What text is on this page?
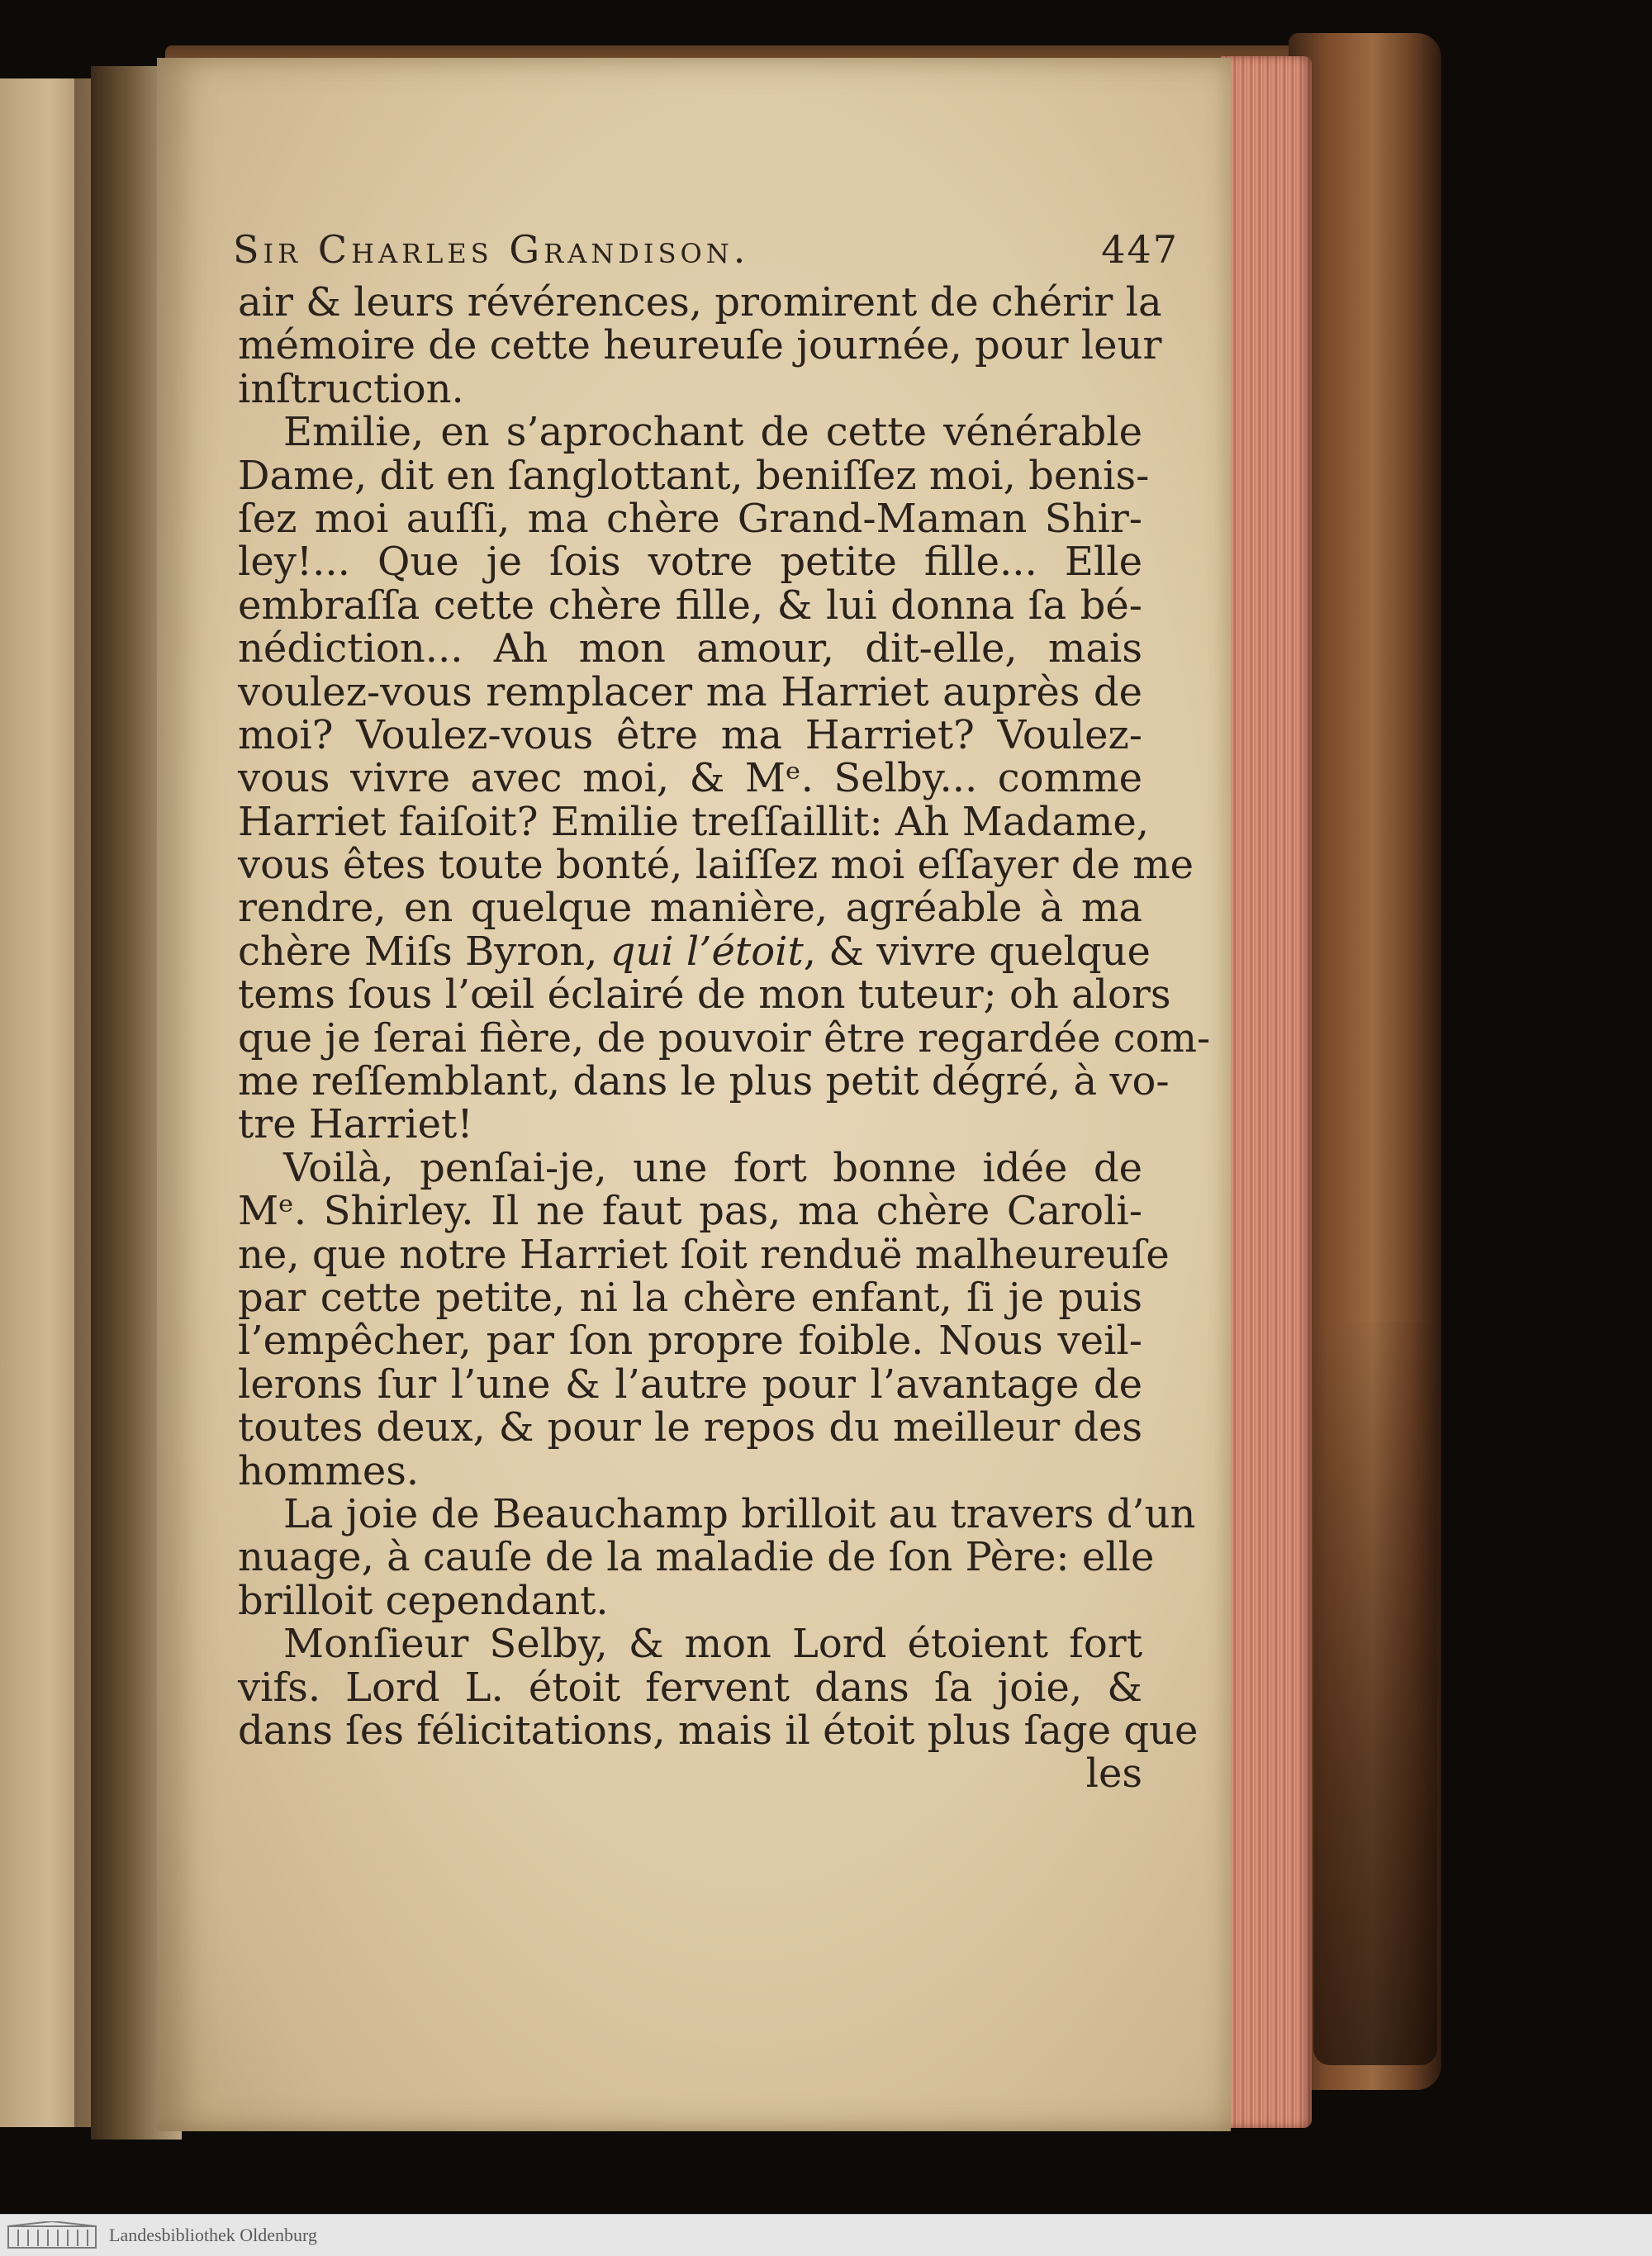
Sir Charles Grandison.	447
air & leurs révérences, promirent de chérir la
mémoire de cette heureuſe journée, pour leur
inſtruction.
Emilie, en s’aprochant de cette vénérable
Dame, dit en ſanglottant, beniſſez moi, benis-
ſez moi auſſi, ma chère Grand-Maman Shir-
ley!... Que je ſois votre petite fille... Elle
embraſſa cette chère fille, & lui donna ſa bé-
nédiction... Ah mon amour, dit-elle, mais
voulez-vous remplacer ma Harriet auprès de
moi? Voulez-vous être ma Harriet? Voulez-
vous vivre avec moi, & Mᵉ. Selby... comme
Harriet faiſoit? Emilie treſſaillit: Ah Madame,
vous êtes toute bonté, laiſſez moi eſſayer de me
rendre, en quelque manière, agréable à ma
chère Miſs Byron, qui l’étoit, & vivre quelque
tems ſous l’œil éclairé de mon tuteur; oh alors
que je ſerai fière, de pouvoir être regardée com-
me reſſemblant, dans le plus petit dégré, à vo-
tre Harriet!
Voilà, penſai-je, une fort bonne idée de
Mᵉ. Shirley. Il ne faut pas, ma chère Caroli-
ne, que notre Harriet ſoit renduë malheureuſe
par cette petite, ni la chère enfant, ſi je puis
l’empêcher, par ſon propre foible. Nous veil-
lerons ſur l’une & l’autre pour l’avantage de
toutes deux, & pour le repos du meilleur des
hommes.
La joie de Beauchamp brilloit au travers d’un
nuage, à cauſe de la maladie de ſon Père: elle
brilloit cependant.
Monſieur Selby, & mon Lord étoient fort
vifs. Lord L. étoit fervent dans ſa joie, &
dans ſes félicitations, mais il étoit plus ſage que
les
Landesbibliothek Oldenburg
